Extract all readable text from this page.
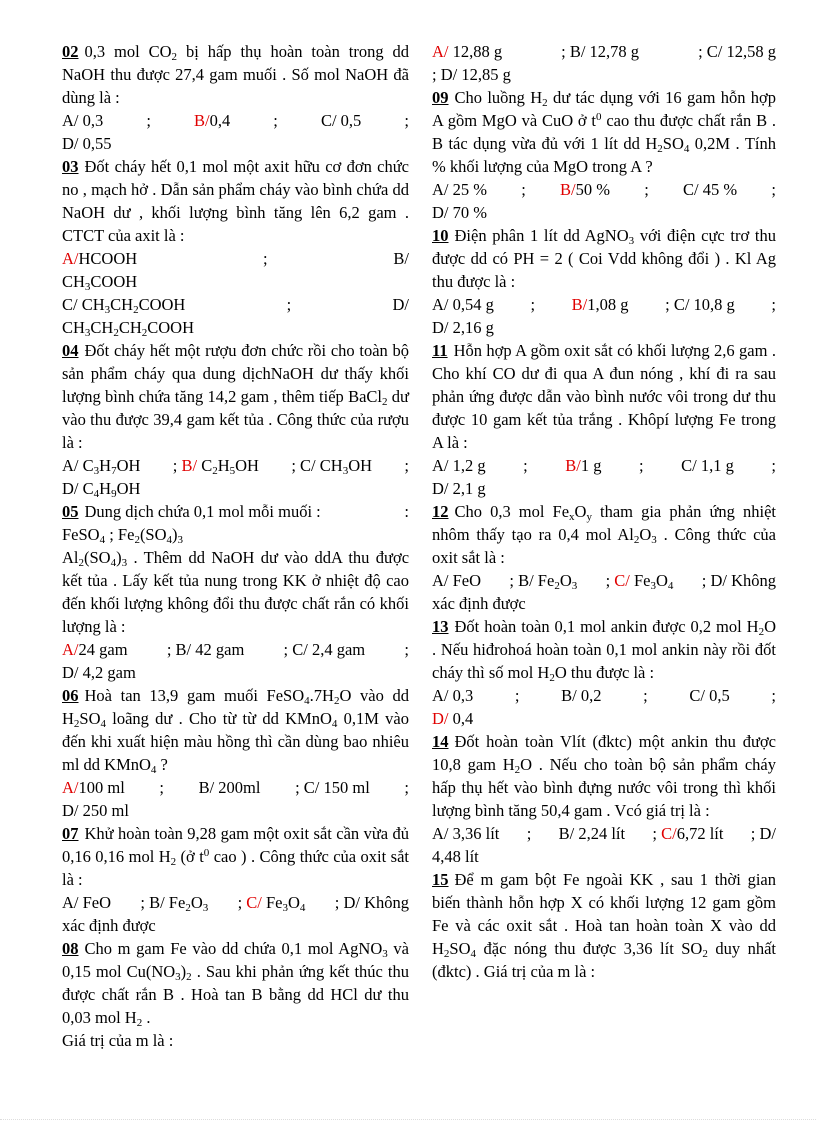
02 0,3 mol $CO_2$ bị hấp thụ hoàn toàn trong dd NaOH thu được 27,4 gam muối . Số mol NaOH đã dùng là :

A/ 0,3	;	B/0,4	;	C/ 0,5	;

D/ 0,55

03 Đốt cháy hết 0,1 mol một axit hữu cơ đơn chức no , mạch hở . Dẫn sản phẩm cháy vào bình chứa dd NaOH dư , khối lượng bình tăng lên 6,2 gam . CTCT của axit là :

A/HCOOH	;	B/

$CH_3COOH$

C/ $CH_3CH_2COOH$	;	D/

$CH_3CH_2CH_2COOH$

04 Đốt cháy hết một rượu đơn chức rồi cho toàn bộ sản phẩm cháy qua dung dịchNaOH dư thấy khối lượng bình chứa tăng 14,2 gam , thêm tiếp BaCl$_2$ dư vào thu được 39,4 gam kết tủa . Công thức của rượu là :

A/ $C_3H_7OH$ ; B/ $C_2H_5OH$ ; C/ $CH_3OH$ ;

D/ $C_4H_9OH$

05 Dung dịch chứa 0,1 mol mỗi muối :	:

FeSO$_4$ ; $Fe_2(SO_4)_3$

$Al_2(SO_4)_3$ . Thêm dd NaOH dư vào ddA thu được kết tủa . Lấy kết tủa nung trong KK ở nhiệt độ cao đến khối lượng không đổi thu được chất rắn có khối lượng là :

A/24 gam ; B/ 42 gam ; C/ 2,4 gam ;

D/ 4,2 gam

06 Hoà tan 13,9 gam muối $FeSO_4.7H_2O$ vào dd $H_2SO_4$ loãng dư . Cho từ từ dd KMnO$_4$ 0,1M vào đến khi xuất hiện màu hồng thì cần dùng bao nhiêu ml dd KMnO$_4$ ?

A/100 ml ; B/ 200ml ; C/ 150 ml ;

D/ 250 ml

07 Khử hoàn toàn 9,28 gam một oxit sắt cần vừa đủ 0,16 0,16 mol $H_2$ (ở $t^0$ cao ) . Công thức của oxit sắt là :

A/ FeO ; B/ $Fe_2O_3$ ; C/ $Fe_3O_4$ ; D/ Không

xác định được

08 Cho m gam Fe vào dd chứa 0,1 mol AgNO$_3$ và 0,15 mol $Cu(NO_3)_2$ . Sau khi phản ứng kết thúc thu được chất rắn B . Hoà tan B bằng dd HCl dư thu 0,03 mol $H_2$ .

Giá trị của m là :

A/ 12,88 g	; B/ 12,78 g	; C/ 12,58 g

; D/ 12,85 g

09 Cho luồng $H_2$ dư tác dụng với 16 gam hỗn hợp A gồm MgO và CuO ở $t^0$ cao thu được chất rắn B . B tác dụng vừa đủ với 1 lít dd $H_2SO_4$ 0,2M . Tính % khối lượng của MgO trong A ?

A/ 25 % ; B/50 % ; C/ 45 % ;

D/ 70 %

10 Điện phân 1 lít dd AgNO$_3$ với điện cực trơ thu được dd có PH = 2 ( Coi Vdd không đổi ) . Kl Ag thu được là :

A/ 0,54 g ; B/1,08 g ; C/ 10,8 g ;

D/ 2,16 g

11 Hỗn hợp A gồm oxit sắt có khối lượng 2,6 gam . Cho khí CO dư đi qua A đun nóng , khí đi ra sau phản ứng được dẫn vào bình nước vôi trong dư thu được 10 gam kết tủa trắng . Khôpí lượng Fe trong A là :

A/ 1,2 g ; B/1 g ; C/ 1,1 g ;

D/ 2,1 g

12 Cho 0,3 mol $Fe_xO_y$ tham gia phản ứng nhiệt nhôm thấy tạo ra 0,4 mol $Al_2O_3$ . Công thức của oxit sắt là :

A/ FeO ; B/ $Fe_2O_3$ ; C/ $Fe_3O_4$ ; D/ Không

xác định được

13 Đốt hoàn toàn 0,1 mol ankin được 0,2 mol $H_2O$ . Nếu hiđrohoá hoàn toàn 0,1 mol ankin này rồi đốt cháy thì số mol $H_2O$ thu được là :

A/ 0,3	;	B/ 0,2	;	C/ 0,5	;

D/ 0,4

14 Đốt hoàn toàn Vlít (đktc) một ankin thu được 10,8 gam $H_2O$ . Nếu cho toàn bộ sản phẩm cháy hấp thụ hết vào bình đựng nước vôi trong thì khối lượng bình tăng 50,4 gam . Vcó giá trị là :

A/ 3,36 lít ; B/ 2,24 lít ; C/6,72 lít ; D/

4,48 lít

15 Để m gam bột Fe ngoài KK , sau 1 thời gian biến thành hỗn hợp X có khối lượng 12 gam gồm Fe và các oxit sắt . Hoà tan hoàn toàn X vào dd $H_2SO_4$ đặc nóng thu được 3,36 lít $SO_2$ duy nhất (đktc) . Giá trị của m là :
